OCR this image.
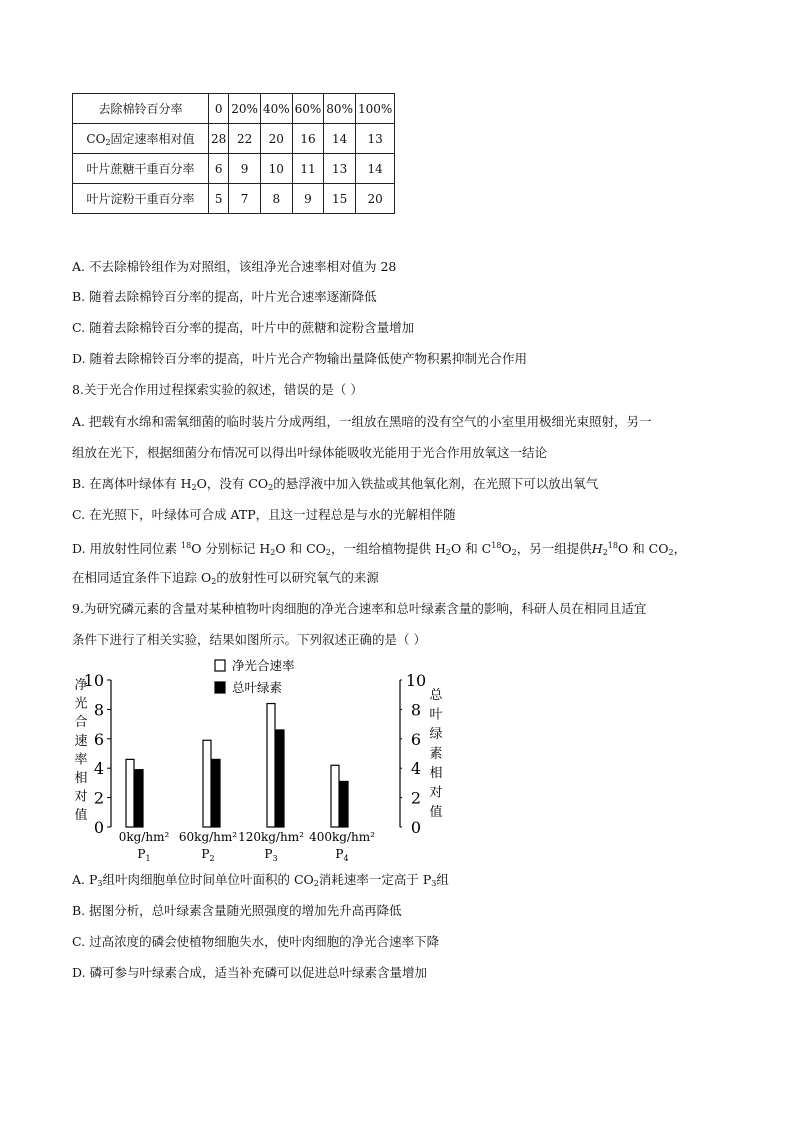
去除棉铃百分率	0	20%	40%	60%	80%	100%
$CO_2$固定速率相对值	28	22	20	16	14	13
叶片蔗糖干重百分率	6	9	10	11	13	14
叶片淀粉干重百分率	5	7	8	9	15	20
A. 不去除棉铃组作为对照组，该组净光合速率相对值为 28
B. 随着去除棉铃百分率的提高，叶片光合速率逐渐降低
C. 随着去除棉铃百分率的提高，叶片中的蔗糖和淀粉含量增加
D. 随着去除棉铃百分率的提高，叶片光合产物输出量降低使产物积累抑制光合作用
8.关于光合作用过程探索实验的叙述，错误的是（ ）
A. 把载有水绵和需氧细菌的临时装片分成两组，一组放在黑暗的没有空气的小室里用极细光束照射，另一
组放在光下，根据细菌分布情况可以得出叶绿体能吸收光能用于光合作用放氧这一结论
B. 在离体叶绿体有 $H_2O$，没有 $CO_2$的悬浮液中加入铁盐或其他氧化剂，在光照下可以放出氧气
C. 在光照下，叶绿体可合成 ATP，且这一过程总是与水的光解相伴随
D. 用放射性同位素 $^{18}$O 分别标记 $H_2O$ 和 $CO_2$，一组给植物提供 $H_2O$ 和 $C^{18}O_2$，另一组提供$H_2^{18}O$ 和 $CO_2$，
在相同适宜条件下追踪 $O_2$的放射性可以研究氧气的来源
9.为研究磷元素的含量对某种植物叶肉细胞的净光合速率和总叶绿素含量的影响，科研人员在相同且适宜
条件下进行了相关实验，结果如图所示。下列叙述正确的是（ ）
净光合速率相对值
0
2
4
6
8
10
0kg/hm²
$P_1$
60kg/hm²
$P_2$
120kg/hm²
$P_3$
400kg/hm²
$P_4$
净光合速率
总叶绿素
A. $P_3$组叶肉细胞单位时间单位叶面积的 $CO_2$消耗速率一定高于 $P_3$组
B. 据图分析，总叶绿素含量随光照强度的增加先升高再降低
C. 过高浓度的磷会使植物细胞失水，使叶肉细胞的净光合速率下降
D. 磷可参与叶绿素合成，适当补充磷可以促进总叶绿素含量增加
0
2
4
6
8
10
总叶绿素相对值
